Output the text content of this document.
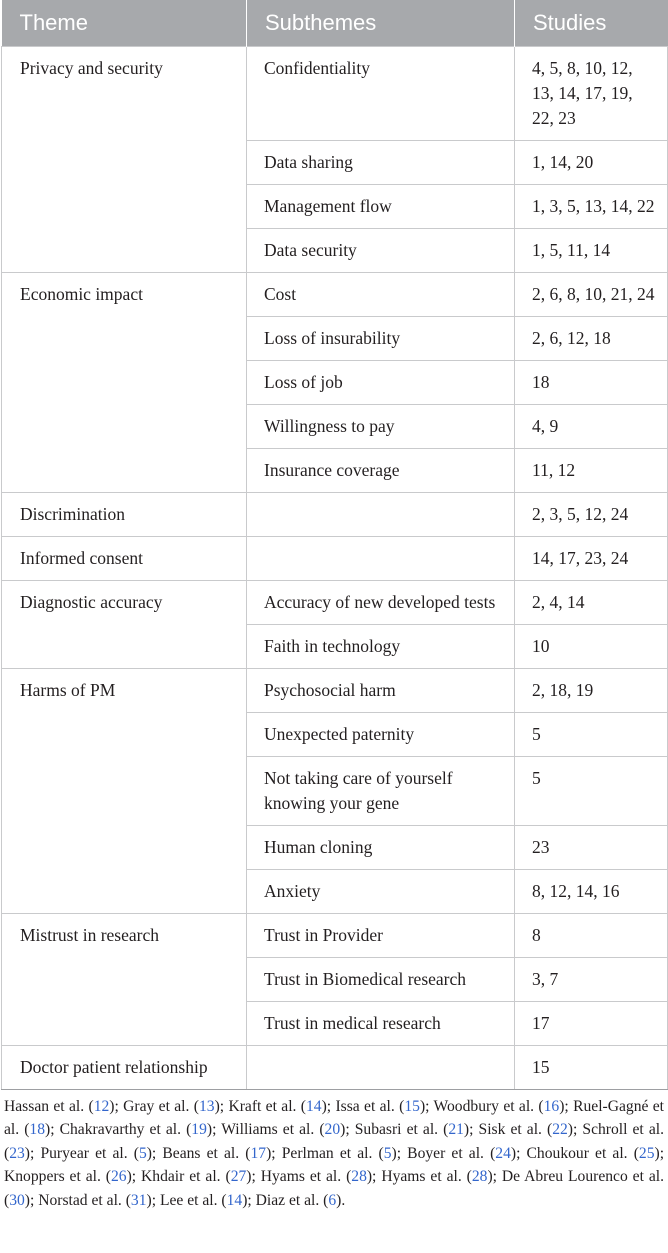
Theme	Subthemes	Studies
Privacy and security	Confidentiality	4, 5, 8, 10, 12, 13, 14, 17, 19, 22, 23
	Data sharing	1, 14, 20
	Management flow	1, 3, 5, 13, 14, 22
	Data security	1, 5, 11, 14
Economic impact	Cost	2, 6, 8, 10, 21, 24
	Loss of insurability	2, 6, 12, 18
	Loss of job	18
	Willingness to pay	4, 9
	Insurance coverage	11, 12
Discrimination		2, 3, 5, 12, 24
Informed consent		14, 17, 23, 24
Diagnostic accuracy	Accuracy of new developed tests	2, 4, 14
	Faith in technology	10
Harms of PM	Psychosocial harm	2, 18, 19
	Unexpected paternity	5
	Not taking care of yourself knowing your gene	5
	Human cloning	23
	Anxiety	8, 12, 14, 16
Mistrust in research	Trust in Provider	8
	Trust in Biomedical research	3, 7
	Trust in medical research	17
Doctor patient relationship		15
Hassan et al. (12); Gray et al. (13); Kraft et al. (14); Issa et al. (15); Woodbury et al. (16); Ruel-Gagné et al. (18); Chakravarthy et al. (19); Williams et al. (20); Subasri et al. (21); Sisk et al. (22); Schroll et al. (23); Puryear et al. (5); Beans et al. (17); Perlman et al. (5); Boyer et al. (24); Choukour et al. (25); Knoppers et al. (26); Khdair et al. (27); Hyams et al. (28); Hyams et al. (28); De Abreu Lourenco et al. (30); Norstad et al. (31); Lee et al. (14); Diaz et al. (6).
